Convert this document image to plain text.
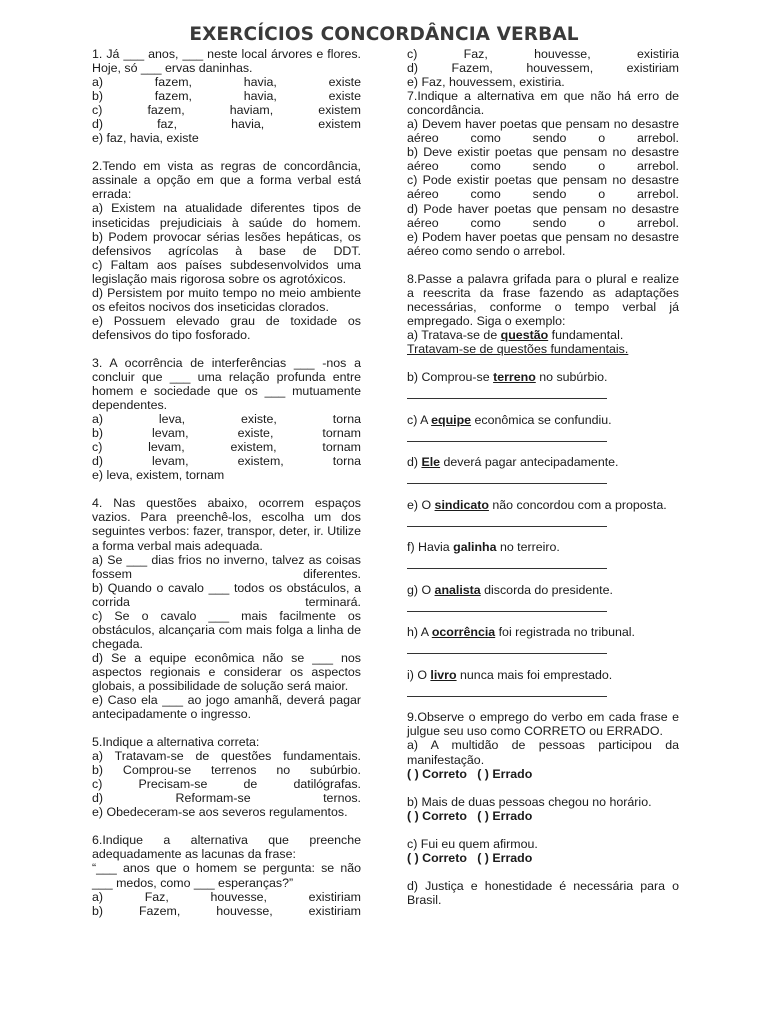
EXERCÍCIOS CONCORDÂNCIA VERBAL

1. Já ___ anos, ___ neste local árvores e flores. Hoje, só ___ ervas daninhas.

a) fazem, havia, existe

b) fazem, havia, existe

c) fazem, haviam, existem

d) faz, havia, existem

e) faz, havia, existe

2.Tendo em vista as regras de concordância, assinale a opção em que a forma verbal está errada:

a) Existem na atualidade diferentes tipos de inseticidas prejudiciais à saúde do homem.

b) Podem provocar sérias lesões hepáticas, os defensivos agrícolas à base de DDT.

c) Faltam aos países subdesenvolvidos uma legislação mais rigorosa sobre os agrotóxicos.

d) Persistem por muito tempo no meio ambiente os efeitos nocivos dos inseticidas clorados.

e) Possuem elevado grau de toxidade os defensivos do tipo fosforado.

3. A ocorrência de interferências ___ -nos a concluir que ___ uma relação profunda entre homem e sociedade que os ___ mutuamente dependentes.

a) leva, existe, torna

b) levam, existe, tornam

c) levam, existem, tornam

d) levam, existem, torna

e) leva, existem, tornam

4. Nas questões abaixo, ocorrem espaços vazios. Para preenchê-los, escolha um dos seguintes verbos: fazer, transpor, deter, ir. Utilize a forma verbal mais adequada.

a) Se ___ dias frios no inverno, talvez as coisas fossem diferentes.

b) Quando o cavalo ___ todos os obstáculos, a corrida terminará.

c) Se o cavalo ___ mais facilmente os obstáculos, alcançaria com mais folga a linha de chegada.

d) Se a equipe econômica não se ___ nos aspectos regionais e considerar os aspectos globais, a possibilidade de solução será maior.

e) Caso ela ___ ao jogo amanhã, deverá pagar antecipadamente o ingresso.

5.Indique a alternativa correta:

a) Tratavam-se de questões fundamentais.

b) Comprou-se terrenos no subúrbio.

c) Precisam-se de datilógrafas.

d) Reformam-se ternos.

e) Obedeceram-se aos severos regulamentos.

6.Indique a alternativa que preenche adequadamente as lacunas da frase:

“___ anos que o homem se pergunta: se não ___ medos, como ___ esperanças?”

a) Faz, houvesse, existiriam

b) Fazem, houvesse, existiriam

c) Faz, houvesse, existiria

d) Fazem, houvessem, existiriam

e) Faz, houvessem, existiria.

7.Indique a alternativa em que não há erro de concordância.

a) Devem haver poetas que pensam no desastre aéreo como sendo o arrebol.

b) Deve existir poetas que pensam no desastre aéreo como sendo o arrebol.

c) Pode existir poetas que pensam no desastre aéreo como sendo o arrebol.

d) Pode haver poetas que pensam no desastre aéreo como sendo o arrebol.

e) Podem haver poetas que pensam no desastre aéreo como sendo o arrebol.

8.Passe a palavra grifada para o plural e realize a reescrita da frase fazendo as adaptações necessárias, conforme o tempo verbal já empregado. Siga o exemplo:

a) Tratava-se de questão fundamental.

Tratavam-se de questões fundamentais.

b) Comprou-se terreno no subúrbio.

c) A equipe econômica se confundiu.

d) Ele deverá pagar antecipadamente.

e) O sindicato não concordou com a proposta.

f) Havia galinha no terreiro.

g) O analista discorda do presidente.

h) A ocorrência foi registrada no tribunal.

i) O livro nunca mais foi emprestado.

9.Observe o emprego do verbo em cada frase e julgue seu uso como CORRETO ou ERRADO.

a) A multidão de pessoas participou da manifestação.

( ) Correto ( ) Errado

b) Mais de duas pessoas chegou no horário.

( ) Correto ( ) Errado

c) Fui eu quem afirmou.

( ) Correto ( ) Errado

d) Justiça e honestidade é necessária para o Brasil.
